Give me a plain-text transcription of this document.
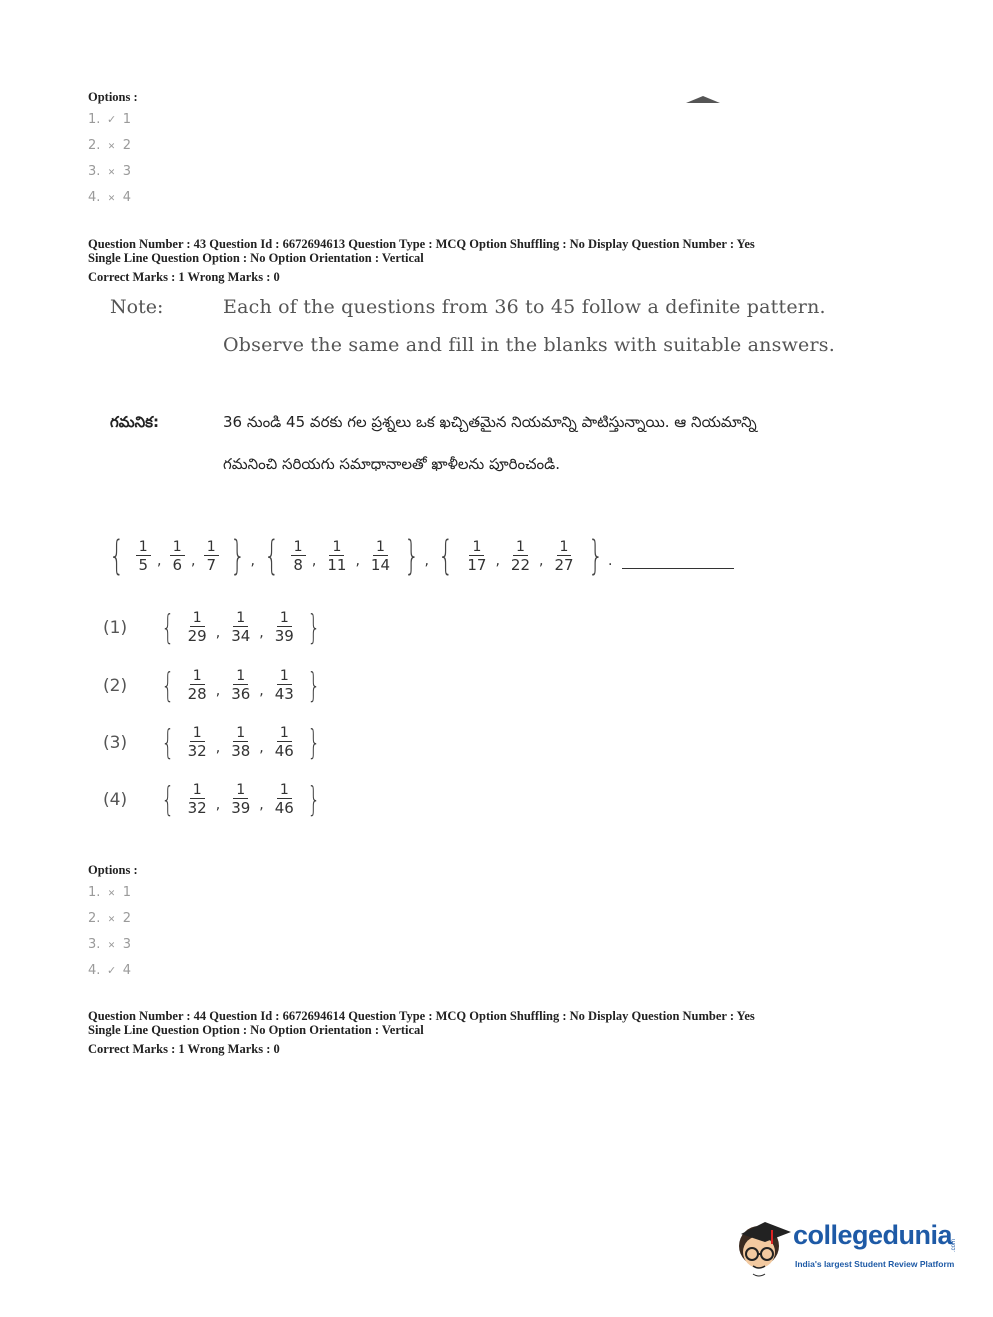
Options :
1. ✓ 1
2. ✕ 2
3. ✕ 3
4. ✕ 4
Question Number : 43 Question Id : 6672694613 Question Type : MCQ Option Shuffling : No Display Question Number : Yes
Single Line Question Option : No Option Orientation : Vertical
Correct Marks : 1 Wrong Marks : 0
Note:	Each of the questions from 36 to 45 follow a definite pattern.
Observe the same and fill in the blanks with suitable answers.
గమనిక:	36 నుండి 45 వరకు గల ప్రశ్నలు ఒక ఖచ్చితమైన నియమాన్ని పాటిస్తున్నాయి. ఆ నియమాన్ని
గమనించి సరియగు సమాధానాలతో ఖాళీలను పూరించండి.
{ $\frac{1}{5}$ , $\frac{1}{6}$ , $\frac{1}{7}$ } , { $\frac{1}{8}$ , $\frac{1}{11}$ , $\frac{1}{14}$ } , { $\frac{1}{17}$ , $\frac{1}{22}$ , $\frac{1}{27}$ } .
(1)	{ $\frac{1}{29}$ , $\frac{1}{34}$ , $\frac{1}{39}$ }
(2)	{ $\frac{1}{28}$ , $\frac{1}{36}$ , $\frac{1}{43}$ }
(3)	{ $\frac{1}{32}$ , $\frac{1}{38}$ , $\frac{1}{46}$ }
(4)	{ $\frac{1}{32}$ , $\frac{1}{39}$ , $\frac{1}{46}$ }
Options :
1. ✕ 1
2. ✕ 2
3. ✕ 3
4. ✓ 4
Question Number : 44 Question Id : 6672694614 Question Type : MCQ Option Shuffling : No Display Question Number : Yes
Single Line Question Option : No Option Orientation : Vertical
Correct Marks : 1 Wrong Marks : 0
collegedunia
.com
India's largest Student Review Platform
